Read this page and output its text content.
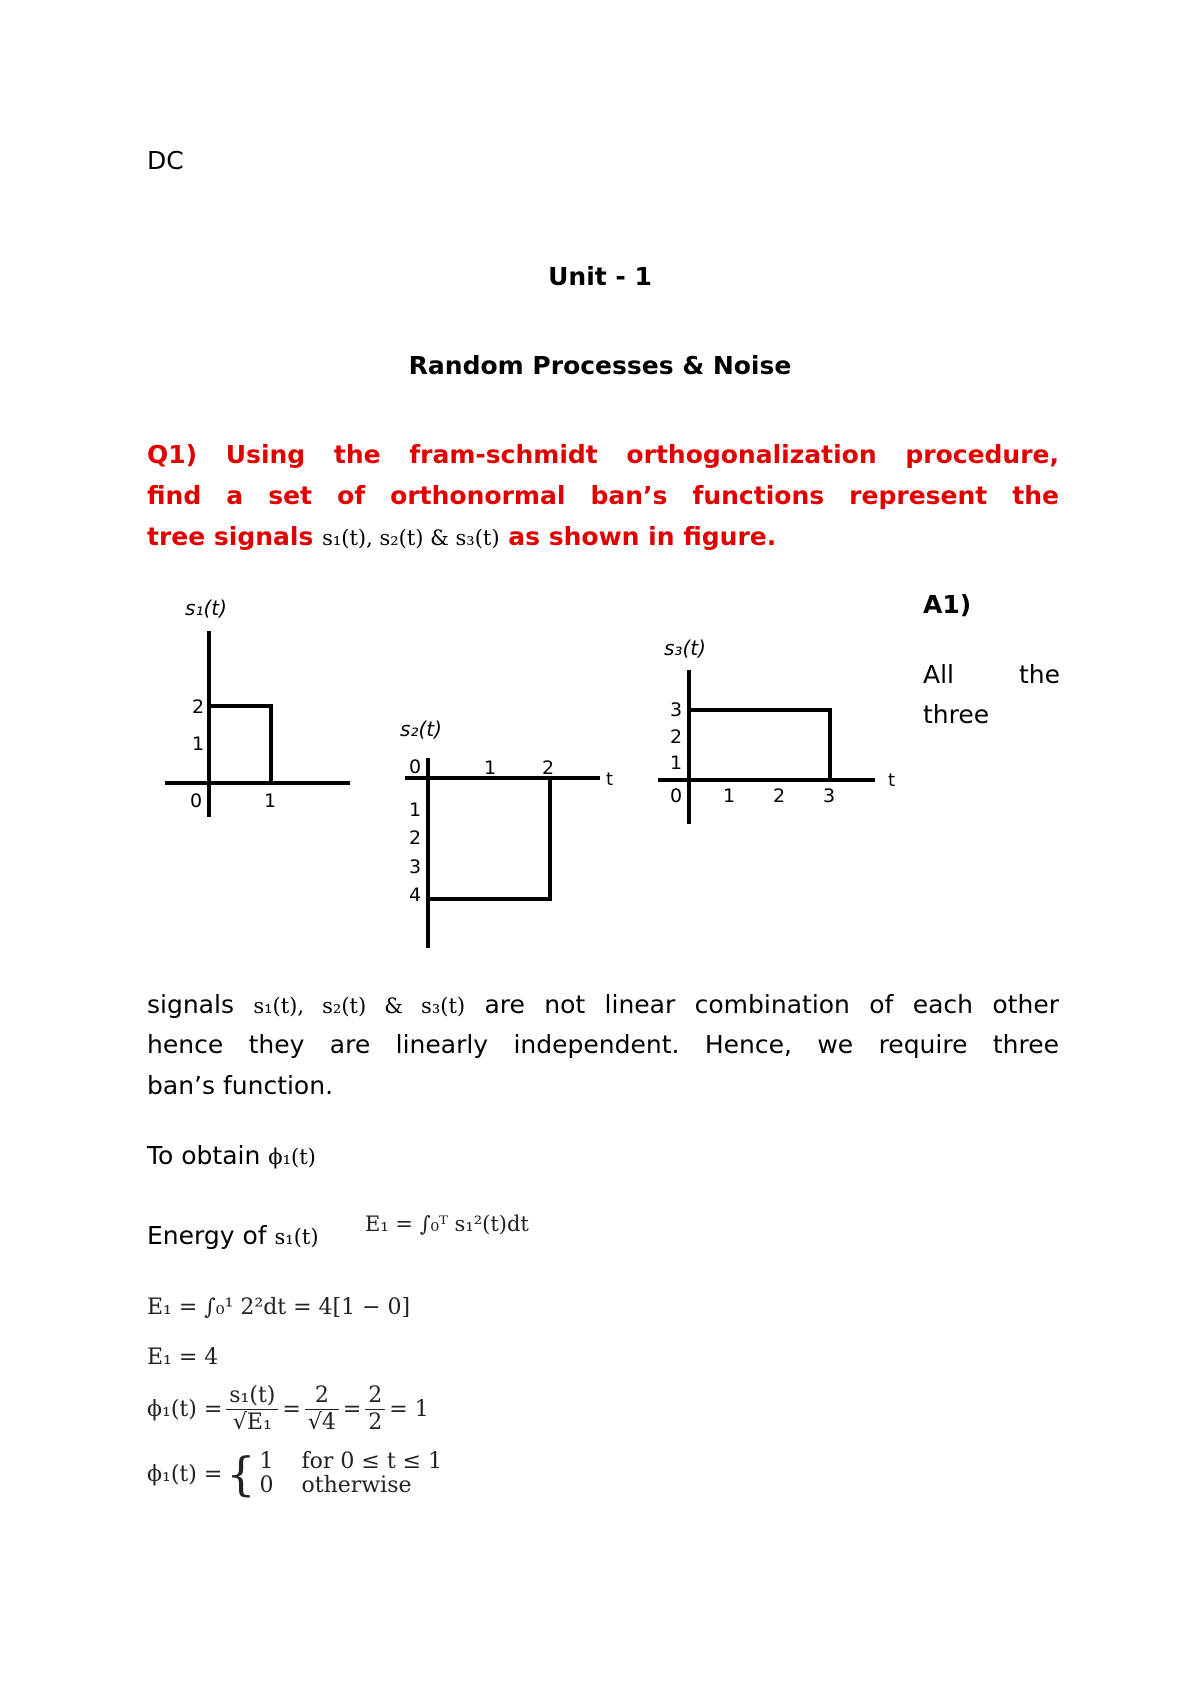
DC
Unit - 1
Random Processes & Noise
Q1) Using the fram-schmidt orthogonalization procedure,
find a set of orthonormal ban’s functions represent the
tree signals s₁(t), s₂(t) & s₃(t) as shown in figure.
s₁(t)
2
1
0	1
s₂(t)
0
1
2
3
4
1 2
t
s₃(t)
3
2
1
0 1 2 3
t
A1)
All	the
three
signals s₁(t), s₂(t) & s₃(t) are not linear combination of each other
hence they are linearly independent. Hence, we require three
ban’s function.
To obtain ϕ₁(t)
Energy of s₁(t)
E₁ = ∫₀ᵀ s₁²(t)dt
E₁ = ∫₀¹ 2²dt = 4[1 − 0]
E₁ = 4
$\phi_1(t) = \frac{\text{s₁(t)}}{\text{√E₁}} = \frac{2}{√4} = \frac{2}{2} = 1$
ϕ₁(t) = { 1 for 0 ≤ t ≤ 1
0 otherwise
